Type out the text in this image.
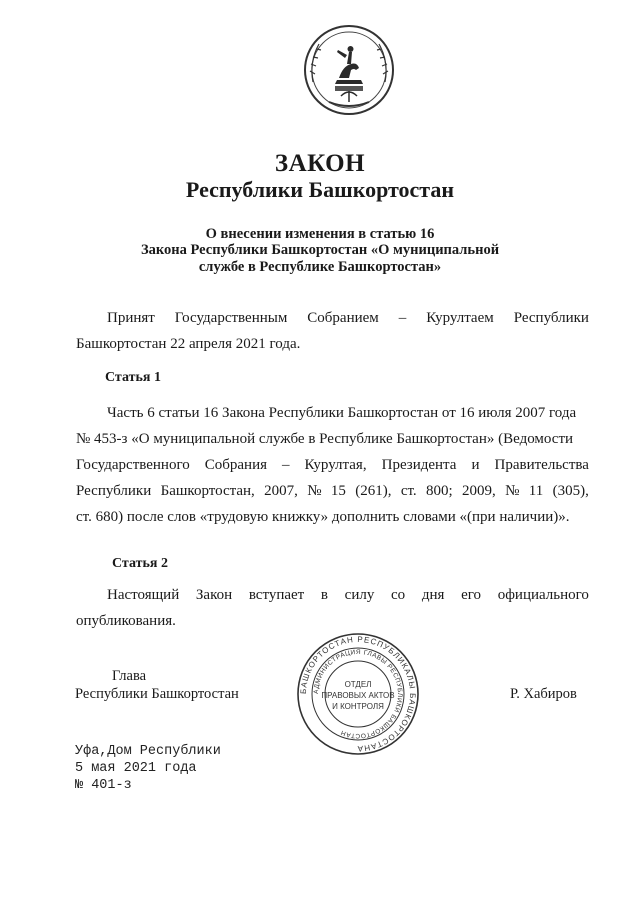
ЗАКОН
Республики Башкортостан
О внесении изменения в статью 16
Закона Республики Башкортостан «О муниципальной
службе в Республике Башкортостан»
Принят Государственным Собранием – Курултаем Республики
Башкортостан 22 апреля 2021 года.
Статья 1
Часть 6 статьи 16 Закона Республики Башкортостан от 16 июля 2007 года
№ 453-з «О муниципальной службе в Республике Башкортостан» (Ведомости
Государственного Собрания – Курултая, Президента и Правительства
Республики Башкортостан, 2007, № 15 (261), ст. 800; 2009, № 11 (305),
ст. 680) после слов «трудовую книжку» дополнить словами «(при наличии)».
Статья 2
Настоящий Закон вступает в силу со дня его официального
опубликования.
Глава
Республики Башкортостан	Р. Хабиров
БАШКОРТОСТАН РЕСПУБЛИКАЛЫ БАШКОРТОСТАНА
АДМИНИСТРАЦИЯ ГЛАВЫ РЕСПУБЛИКИ БАШКОРТОСТАН
ОТДЕЛ
ПРАВОВЫХ АКТОВ
И КОНТРОЛЯ
Уфа,Дом Республики
5 мая 2021 года
№ 401-з
